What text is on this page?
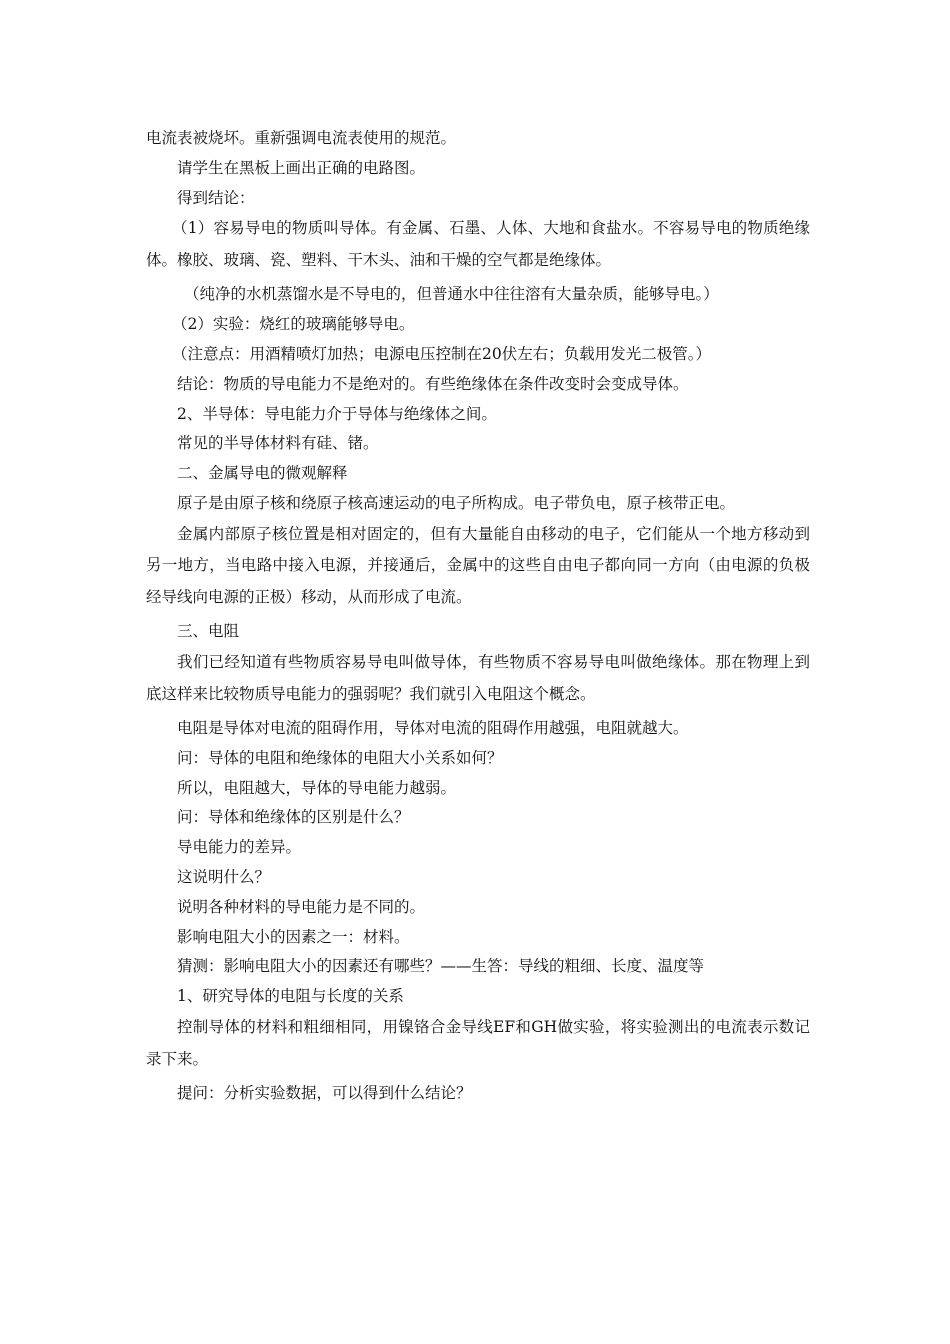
电流表被烧坏。重新强调电流表使用的规范。

请学生在黑板上画出正确的电路图。

得到结论：

（1）容易导电的物质叫导体。有金属、石墨、人体、大地和食盐水。不容易导电的物质绝缘体。橡胶、玻璃、瓷、塑料、干木头、油和干燥的空气都是绝缘体。

（纯净的水机蒸馏水是不导电的，但普通水中往往溶有大量杂质，能够导电。）

（2）实验：烧红的玻璃能够导电。

（注意点：用酒精喷灯加热；电源电压控制在20伏左右；负载用发光二极管。）

结论：物质的导电能力不是绝对的。有些绝缘体在条件改变时会变成导体。

2、半导体：导电能力介于导体与绝缘体之间。

常见的半导体材料有硅、锗。

二、金属导电的微观解释

原子是由原子核和绕原子核高速运动的电子所构成。电子带负电，原子核带正电。

金属内部原子核位置是相对固定的，但有大量能自由移动的电子，它们能从一个地方移动到另一地方，当电路中接入电源，并接通后，金属中的这些自由电子都向同一方向（由电源的负极经导线向电源的正极）移动，从而形成了电流。

三、电阻

我们已经知道有些物质容易导电叫做导体，有些物质不容易导电叫做绝缘体。那在物理上到底这样来比较物质导电能力的强弱呢？我们就引入电阻这个概念。

电阻是导体对电流的阻碍作用，导体对电流的阻碍作用越强，电阻就越大。

问：导体的电阻和绝缘体的电阻大小关系如何？

所以，电阻越大，导体的导电能力越弱。

问：导体和绝缘体的区别是什么？

导电能力的差异。

这说明什么？

说明各种材料的导电能力是不同的。

影响电阻大小的因素之一：材料。

猜测：影响电阻大小的因素还有哪些？——生答：导线的粗细、长度、温度等

1、研究导体的电阻与长度的关系

控制导体的材料和粗细相同，用镍铬合金导线EF和GH做实验，将实验测出的电流表示数记录下来。

提问：分析实验数据，可以得到什么结论？
